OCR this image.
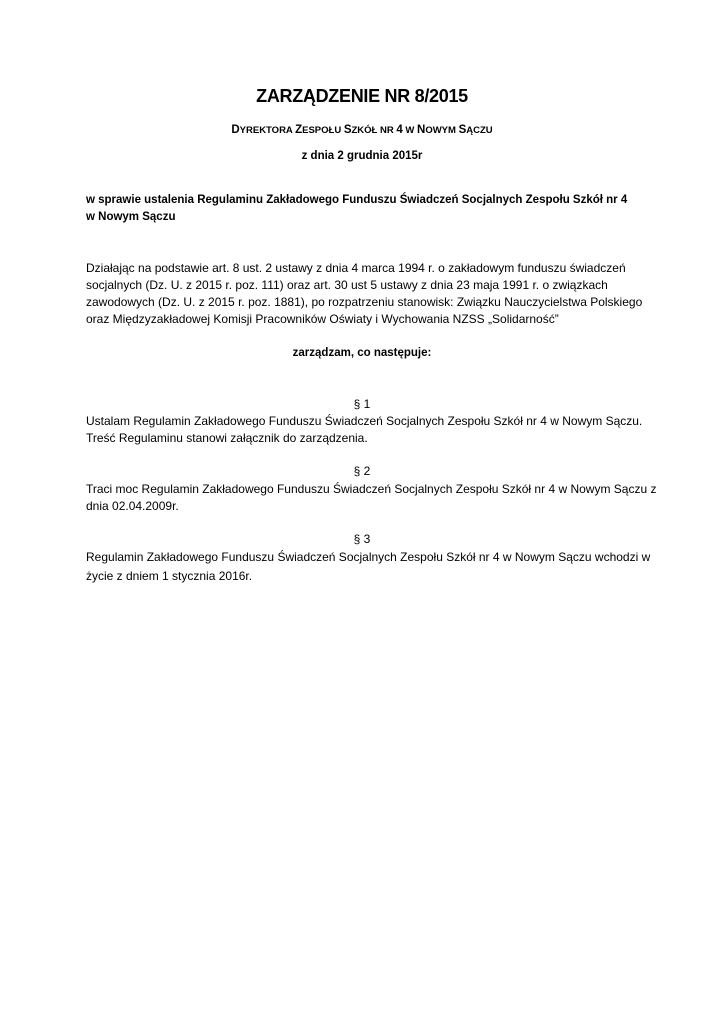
ZARZĄDZENIE NR 8/2015
DYREKTORA ZESPOŁU SZKÓŁ NR 4 W NOWYM SĄCZU
z dnia 2 grudnia 2015r
w sprawie ustalenia Regulaminu Zakładowego Funduszu Świadczeń Socjalnych Zespołu Szkół nr 4
w Nowym Sączu
Działając na podstawie art. 8 ust. 2 ustawy z dnia 4 marca 1994 r. o zakładowym funduszu świadczeń
socjalnych (Dz. U. z 2015 r. poz. 111) oraz art. 30 ust 5 ustawy z dnia 23 maja 1991 r. o związkach
zawodowych (Dz. U. z 2015 r. poz. 1881), po rozpatrzeniu stanowisk: Związku Nauczycielstwa Polskiego
oraz Międzyzakładowej Komisji Pracowników Oświaty i Wychowania NZSS „Solidarność”
zarządzam, co następuje:
§ 1
Ustalam Regulamin Zakładowego Funduszu Świadczeń Socjalnych Zespołu Szkół nr 4 w Nowym Sączu.
Treść Regulaminu stanowi załącznik do zarządzenia.
§ 2
Traci moc Regulamin Zakładowego Funduszu Świadczeń Socjalnych Zespołu Szkół nr 4 w Nowym Sączu z
dnia 02.04.2009r.
§ 3
Regulamin Zakładowego Funduszu Świadczeń Socjalnych Zespołu Szkół nr 4 w Nowym Sączu wchodzi w
życie z dniem 1 stycznia 2016r.
